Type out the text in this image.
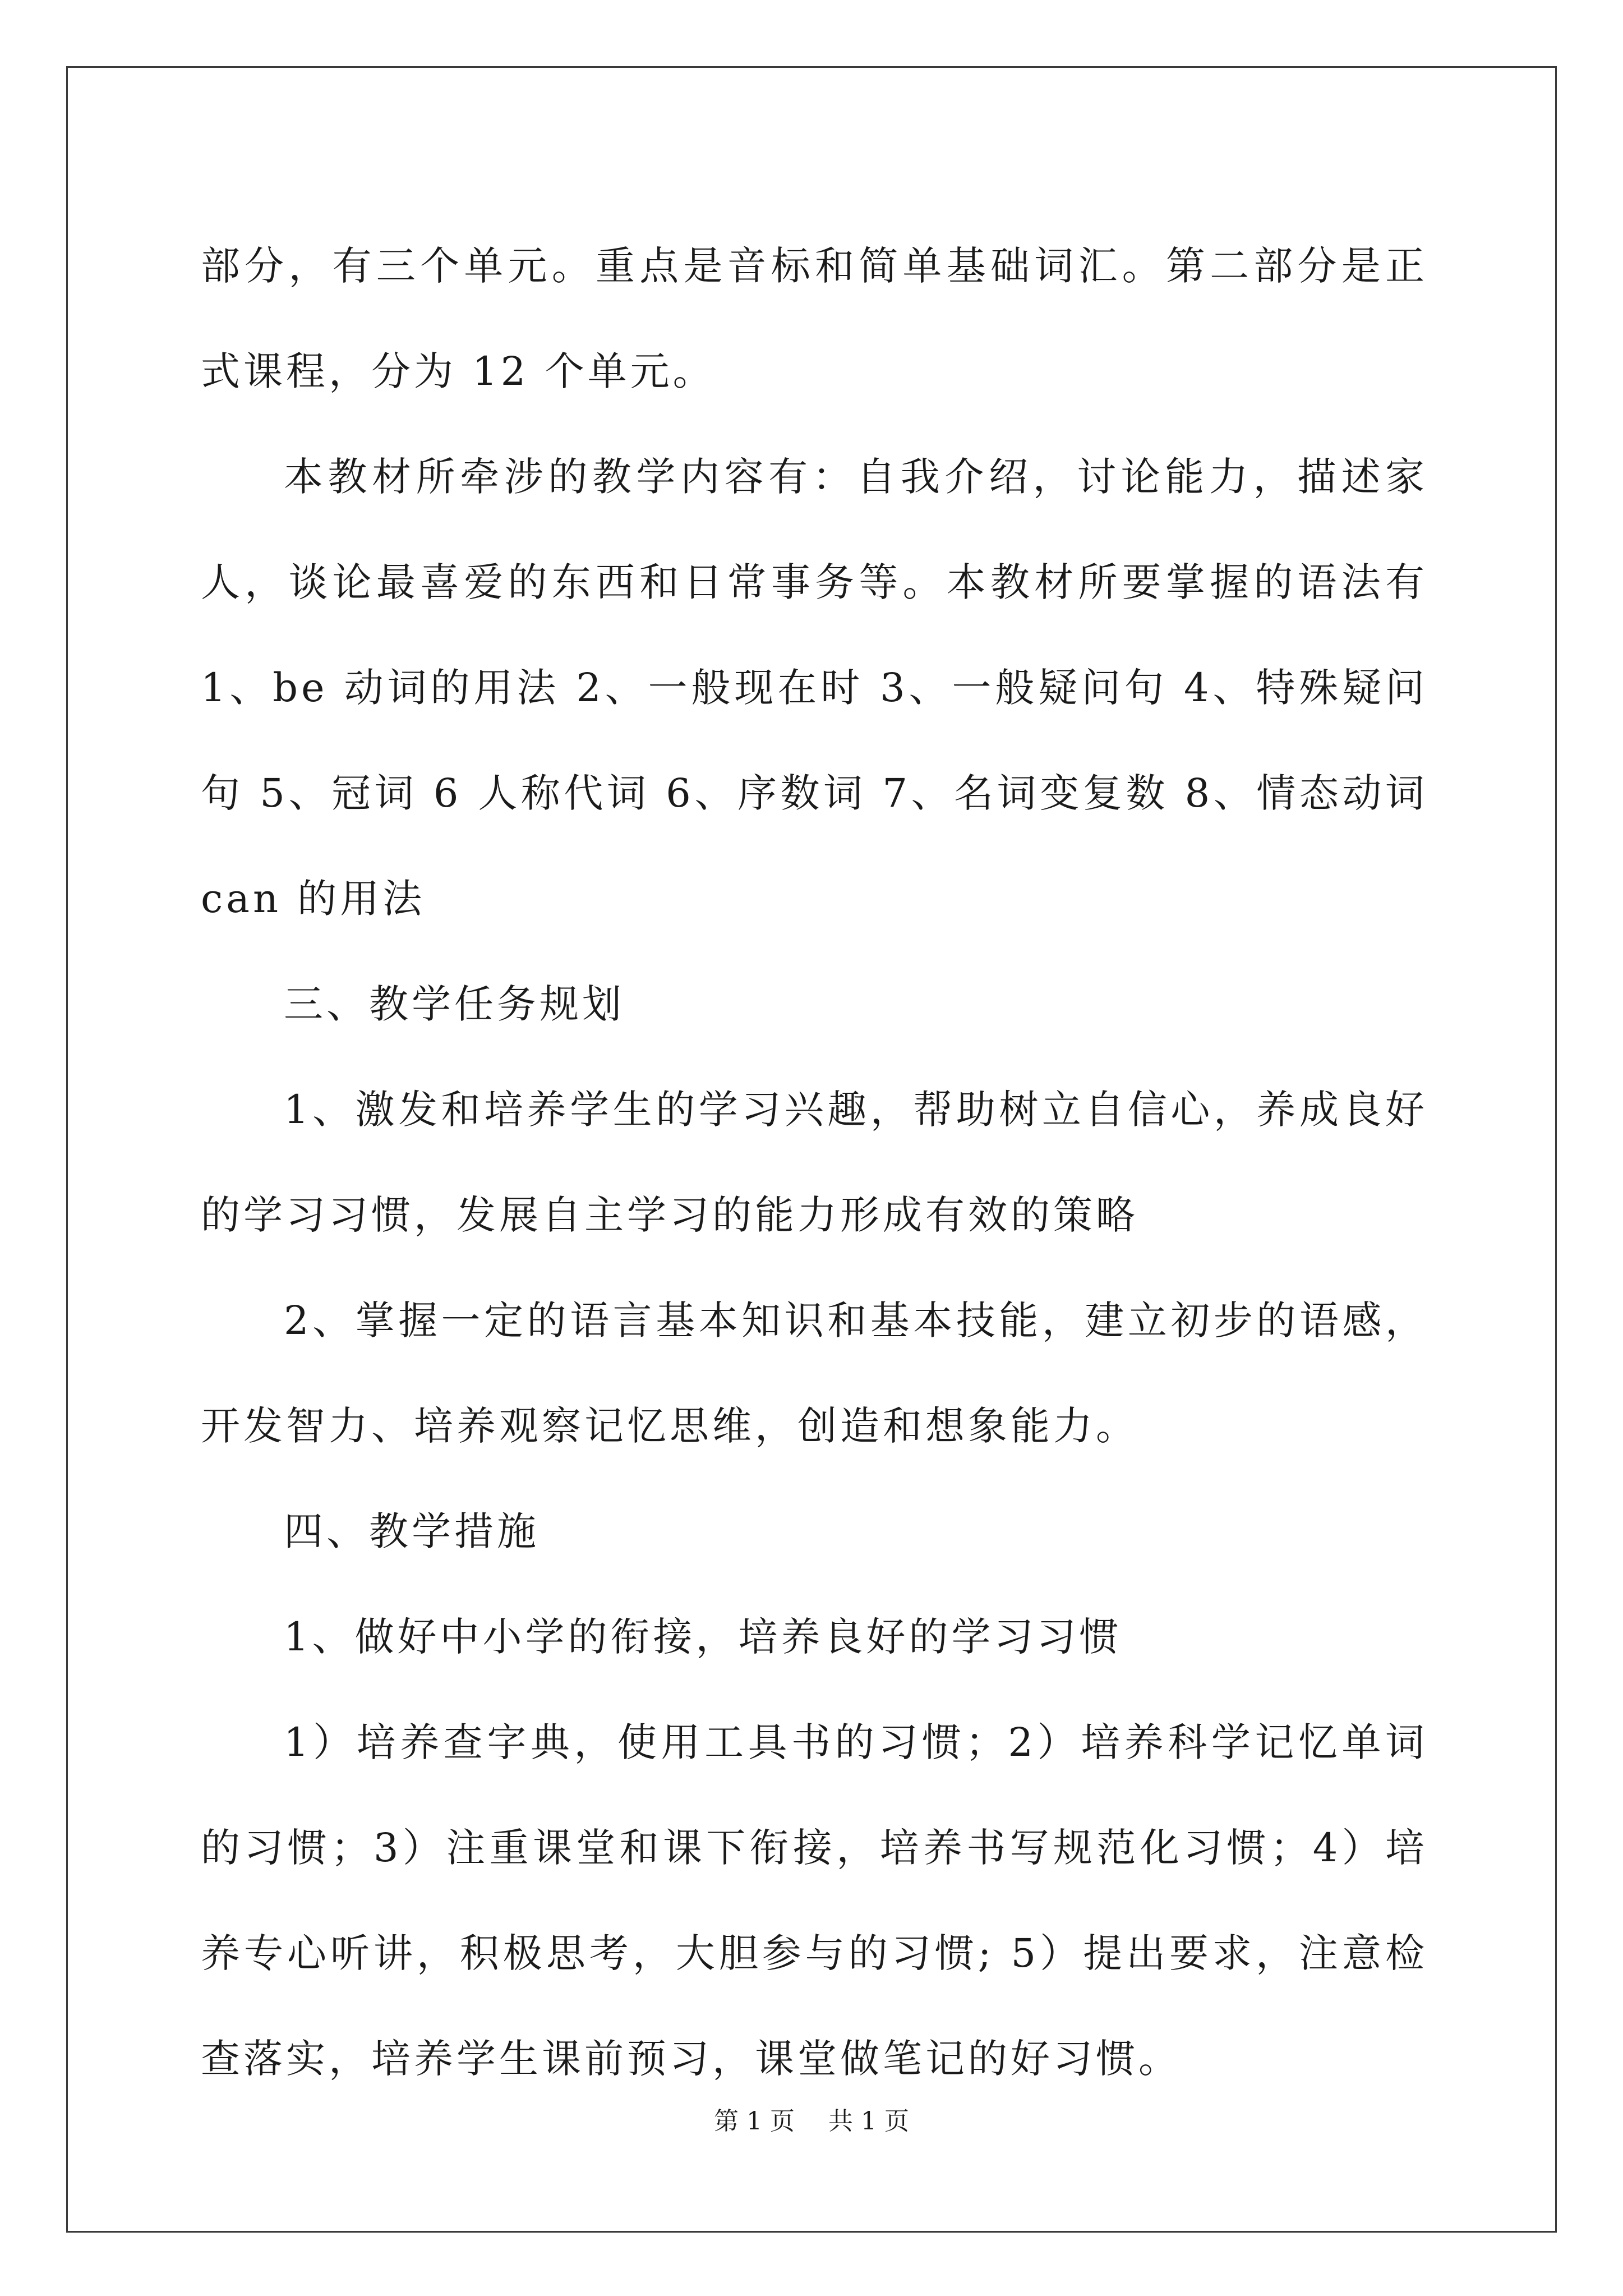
部分，有三个单元。重点是音标和简单基础词汇。第二部分是正式课程，分为 12 个单元。

本教材所牵涉的教学内容有：自我介绍，讨论能力，描述家人，谈论最喜爱的东西和日常事务等。本教材所要掌握的语法有 1、be 动词的用法 2、一般现在时 3、一般疑问句 4、特殊疑问句 5、冠词 6 人称代词 6、序数词 7、名词变复数 8、情态动词 can 的用法

三、教学任务规划

1、激发和培养学生的学习兴趣，帮助树立自信心，养成良好的学习习惯，发展自主学习的能力形成有效的策略

2、掌握一定的语言基本知识和基本技能，建立初步的语感，开发智力、培养观察记忆思维，创造和想象能力。

四、教学措施

1、做好中小学的衔接，培养良好的学习习惯

1）培养查字典，使用工具书的习惯；2）培养科学记忆单词的习惯；3）注重课堂和课下衔接，培养书写规范化习惯；4）培养专心听讲，积极思考，大胆参与的习惯; 5）提出要求，注意检查落实，培养学生课前预习，课堂做笔记的好习惯。

第 1 页 共 1 页
